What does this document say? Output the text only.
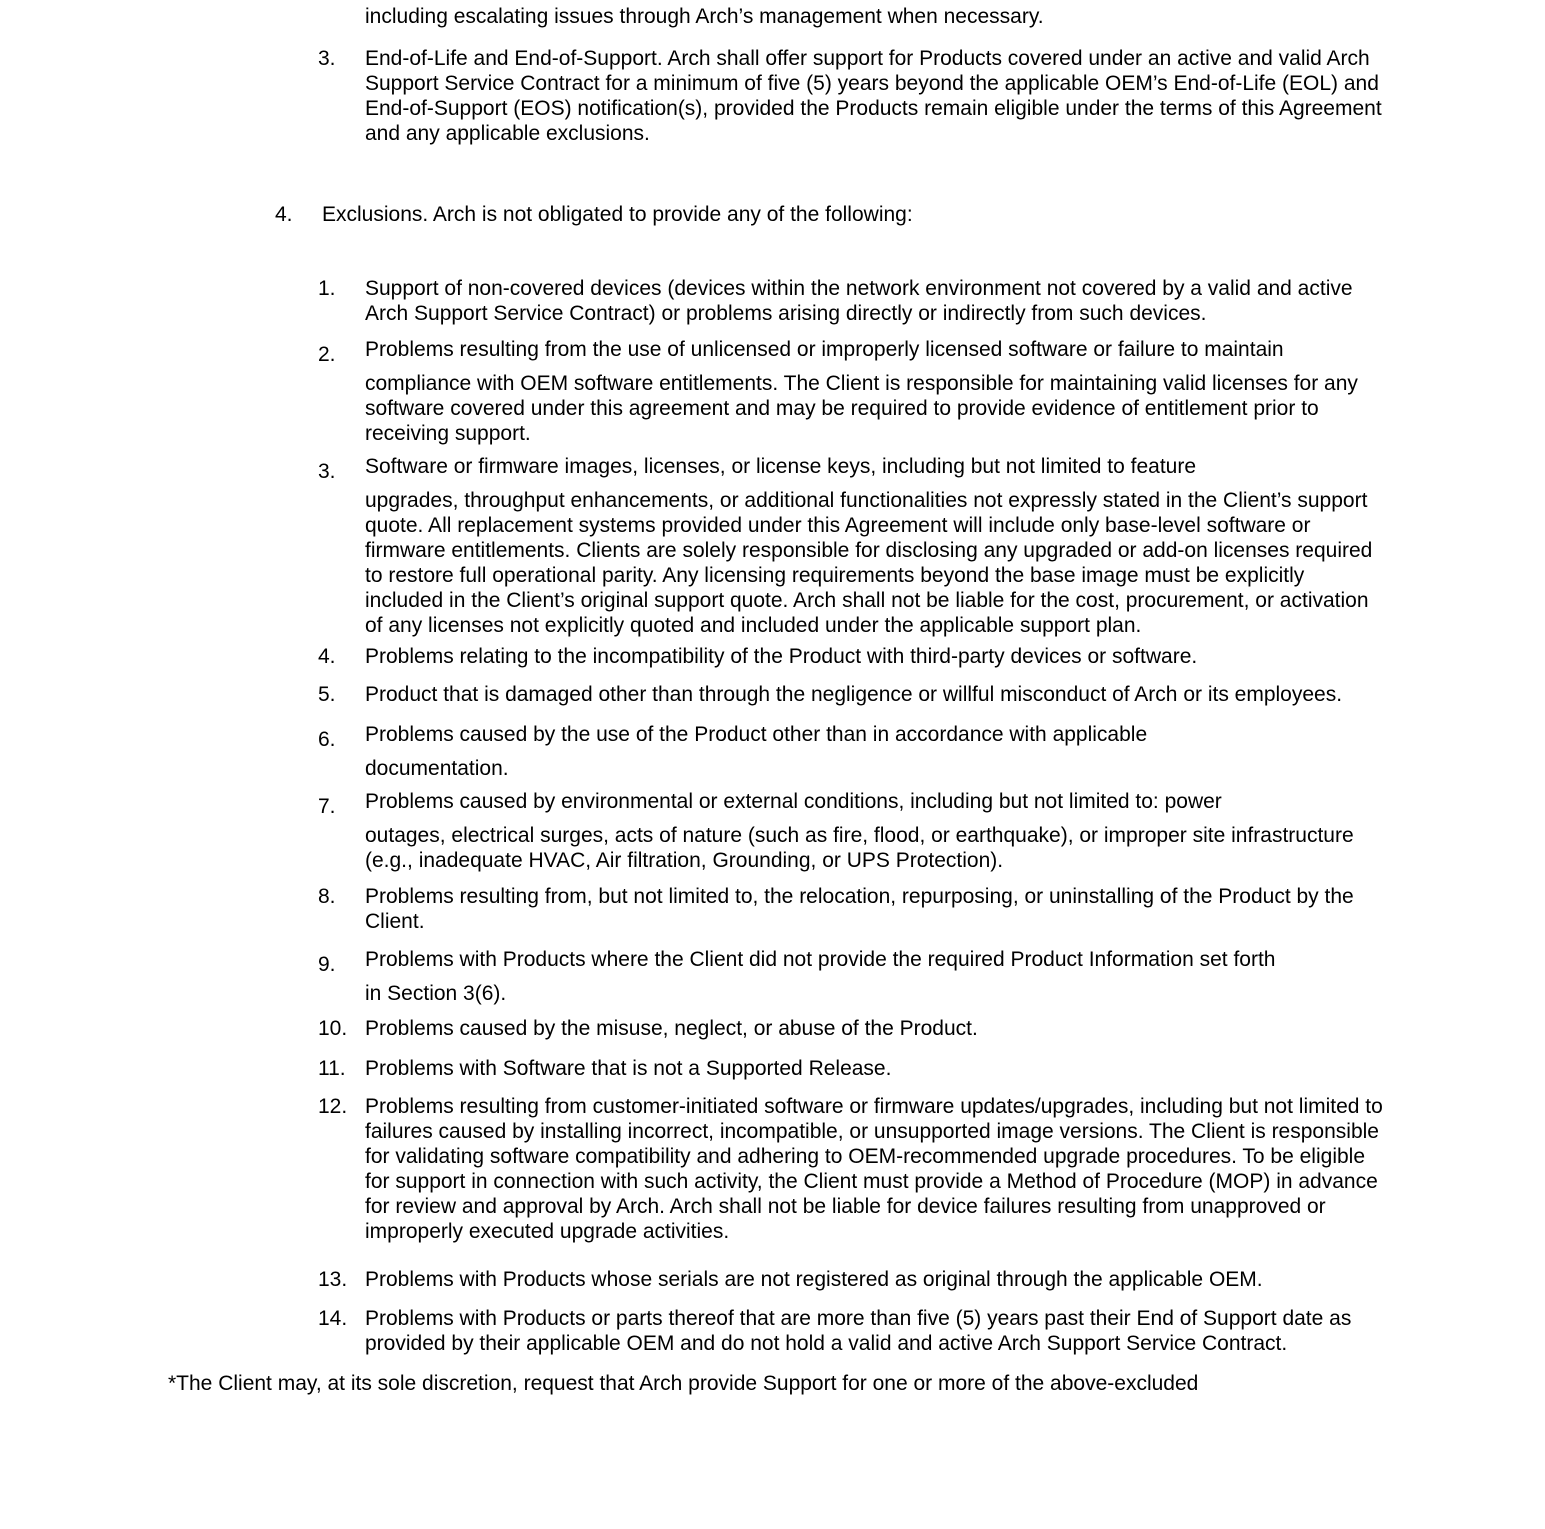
including escalating issues through Arch’s management when necessary.

3.	End-of-Life and End-of-Support. Arch shall offer support for Products covered under an active and valid Arch Support Service Contract for a minimum of five (5) years beyond the applicable OEM’s End-of-Life (EOL) and End-of-Support (EOS) notification(s), provided the Products remain eligible under the terms of this Agreement and any applicable exclusions.
4.	Exclusions. Arch is not obligated to provide any of the following:
1.	Support of non-covered devices (devices within the network environment not covered by a valid and active Arch Support Service Contract) or problems arising directly or indirectly from such devices.
2.	Problems resulting from the use of unlicensed or improperly licensed software or failure to maintain
compliance with OEM software entitlements. The Client is responsible for maintaining valid licenses for any software covered under this agreement and may be required to provide evidence of entitlement prior to receiving support.
3.	Software or firmware images, licenses, or license keys, including but not limited to feature
upgrades, throughput enhancements, or additional functionalities not expressly stated in the Client’s support quote. All replacement systems provided under this Agreement will include only base-level software or firmware entitlements. Clients are solely responsible for disclosing any upgraded or add-on licenses required to restore full operational parity. Any licensing requirements beyond the base image must be explicitly included in the Client’s original support quote. Arch shall not be liable for the cost, procurement, or activation of any licenses not explicitly quoted and included under the applicable support plan.
4.	Problems relating to the incompatibility of the Product with third-party devices or software.
5.	Product that is damaged other than through the negligence or willful misconduct of Arch or its employees.
6.	Problems caused by the use of the Product other than in accordance with applicable
documentation.
7.	Problems caused by environmental or external conditions, including but not limited to: power
outages, electrical surges, acts of nature (such as fire, flood, or earthquake), or improper site infrastructure (e.g., inadequate HVAC, Air filtration, Grounding, or UPS Protection).
8.	Problems resulting from, but not limited to, the relocation, repurposing, or uninstalling of the Product by the Client.
9.	Problems with Products where the Client did not provide the required Product Information set forth
in Section 3(6).
10. Problems caused by the misuse, neglect, or abuse of the Product.
11. Problems with Software that is not a Supported Release.
12. Problems resulting from customer-initiated software or firmware updates/upgrades, including but not limited to failures caused by installing incorrect, incompatible, or unsupported image versions. The Client is responsible for validating software compatibility and adhering to OEM-recommended upgrade procedures. To be eligible for support in connection with such activity, the Client must provide a Method of Procedure (MOP) in advance for review and approval by Arch. Arch shall not be liable for device failures resulting from unapproved or improperly executed upgrade activities.
13. Problems with Products whose serials are not registered as original through the applicable OEM.
14. Problems with Products or parts thereof that are more than five (5) years past their End of Support date as provided by their applicable OEM and do not hold a valid and active Arch Support Service Contract.

*The Client may, at its sole discretion, request that Arch provide Support for one or more of the above-excluded
